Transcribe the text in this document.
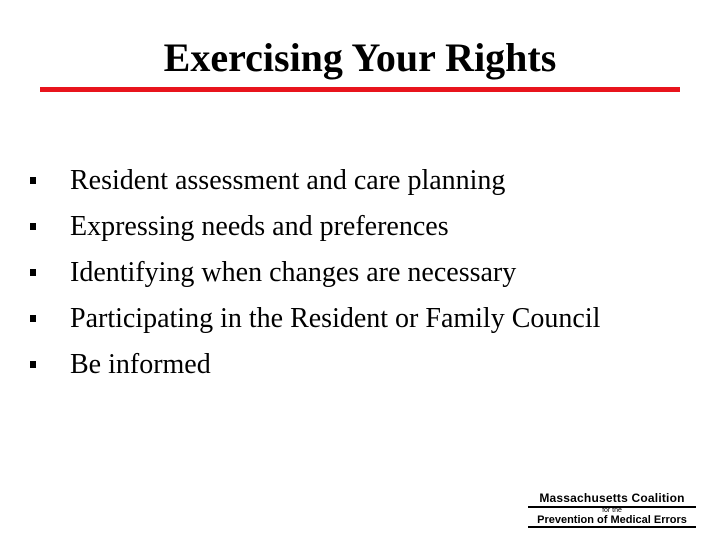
Exercising Your Rights
Resident assessment and care planning
Expressing needs and preferences
Identifying when changes are necessary
Participating in the Resident or Family Council
Be informed
Massachusetts Coalition
for the
Prevention of Medical Errors
